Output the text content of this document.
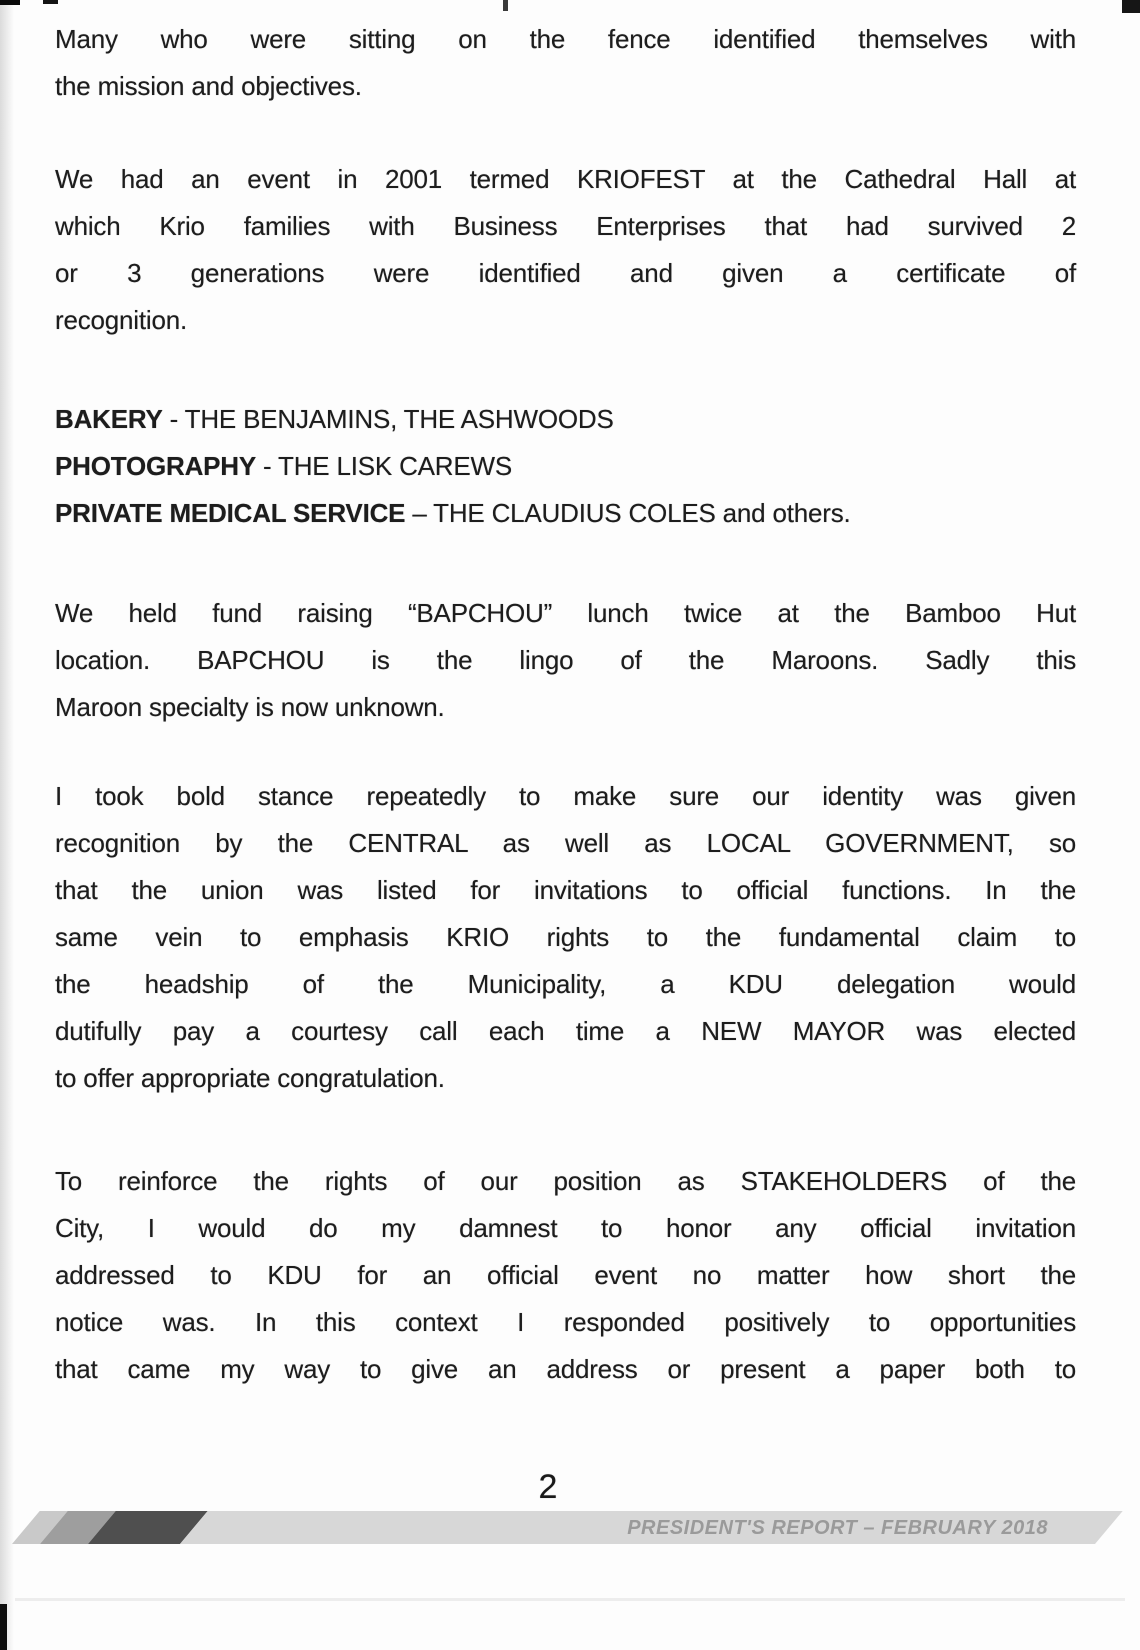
Many who were sitting on the fence identified themselves with
the mission and objectives.
We had an event in 2001 termed KRIOFEST at the Cathedral Hall at
which Krio families with Business Enterprises that had survived 2
or 3 generations were identified and given a certificate of
recognition.
BAKERY - THE BENJAMINS, THE ASHWOODS
PHOTOGRAPHY - THE LISK CAREWS
PRIVATE MEDICAL SERVICE – THE CLAUDIUS COLES and others.
We held fund raising “BAPCHOU” lunch twice at the Bamboo Hut
location. BAPCHOU is the lingo of the Maroons. Sadly this
Maroon specialty is now unknown.
I took bold stance repeatedly to make sure our identity was given
recognition by the CENTRAL as well as LOCAL GOVERNMENT, so
that the union was listed for invitations to official functions. In the
same vein to emphasis KRIO rights to the fundamental claim to
the headship of the Municipality, a KDU delegation would
dutifully pay a courtesy call each time a NEW MAYOR was elected
to offer appropriate congratulation.
To reinforce the rights of our position as STAKEHOLDERS of the
City, I would do my damnest to honor any official invitation
addressed to KDU for an official event no matter how short the
notice was. In this context I responded positively to opportunities
that came my way to give an address or present a paper both to
2
PRESIDENT'S REPORT – FEBRUARY 2018
